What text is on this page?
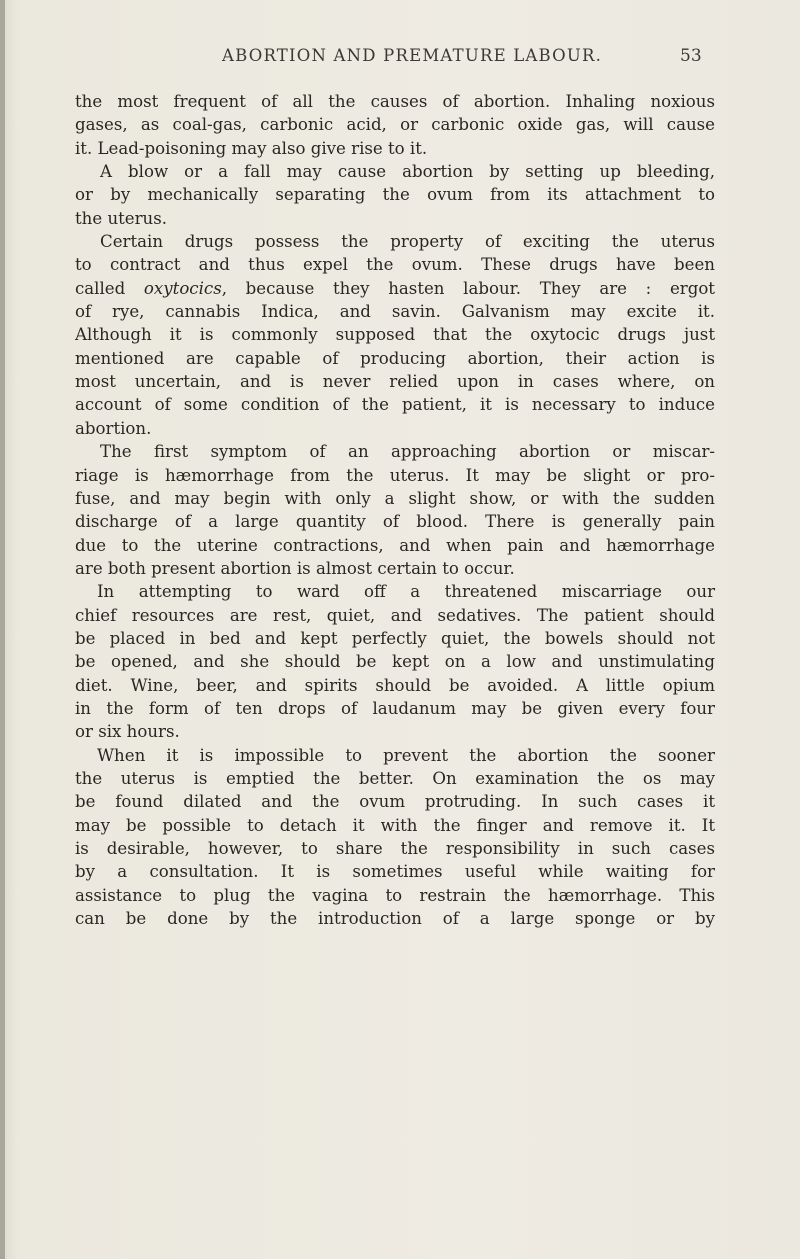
ABORTION AND PREMATURE LABOUR.	53
the most frequent of all the causes of abortion. Inhaling noxious
gases, as coal-gas, carbonic acid, or carbonic oxide gas, will cause
it. Lead-poisoning may also give rise to it.
A blow or a fall may cause abortion by setting up bleeding,
or by mechanically separating the ovum from its attachment to
the uterus.
Certain drugs possess the property of exciting the uterus
to contract and thus expel the ovum. These drugs have been
called oxytocics, because they hasten labour. They are : ergot
of rye, cannabis Indica, and savin. Galvanism may excite it.
Although it is commonly supposed that the oxytocic drugs just
mentioned are capable of producing abortion, their action is
most uncertain, and is never relied upon in cases where, on
account of some condition of the patient, it is necessary to induce
abortion.
The first symptom of an approaching abortion or miscar-
riage is hæmorrhage from the uterus. It may be slight or pro-
fuse, and may begin with only a slight show, or with the sudden
discharge of a large quantity of blood. There is generally pain
due to the uterine contractions, and when pain and hæmorrhage
are both present abortion is almost certain to occur.
In attempting to ward off a threatened miscarriage our
chief resources are rest, quiet, and sedatives. The patient should
be placed in bed and kept perfectly quiet, the bowels should not
be opened, and she should be kept on a low and unstimulating
diet. Wine, beer, and spirits should be avoided. A little opium
in the form of ten drops of laudanum may be given every four
or six hours.
When it is impossible to prevent the abortion the sooner
the uterus is emptied the better. On examination the os may
be found dilated and the ovum protruding. In such cases it
may be possible to detach it with the finger and remove it. It
is desirable, however, to share the responsibility in such cases
by a consultation. It is sometimes useful while waiting for
assistance to plug the vagina to restrain the hæmorrhage. This
can be done by the introduction of a large sponge or by
